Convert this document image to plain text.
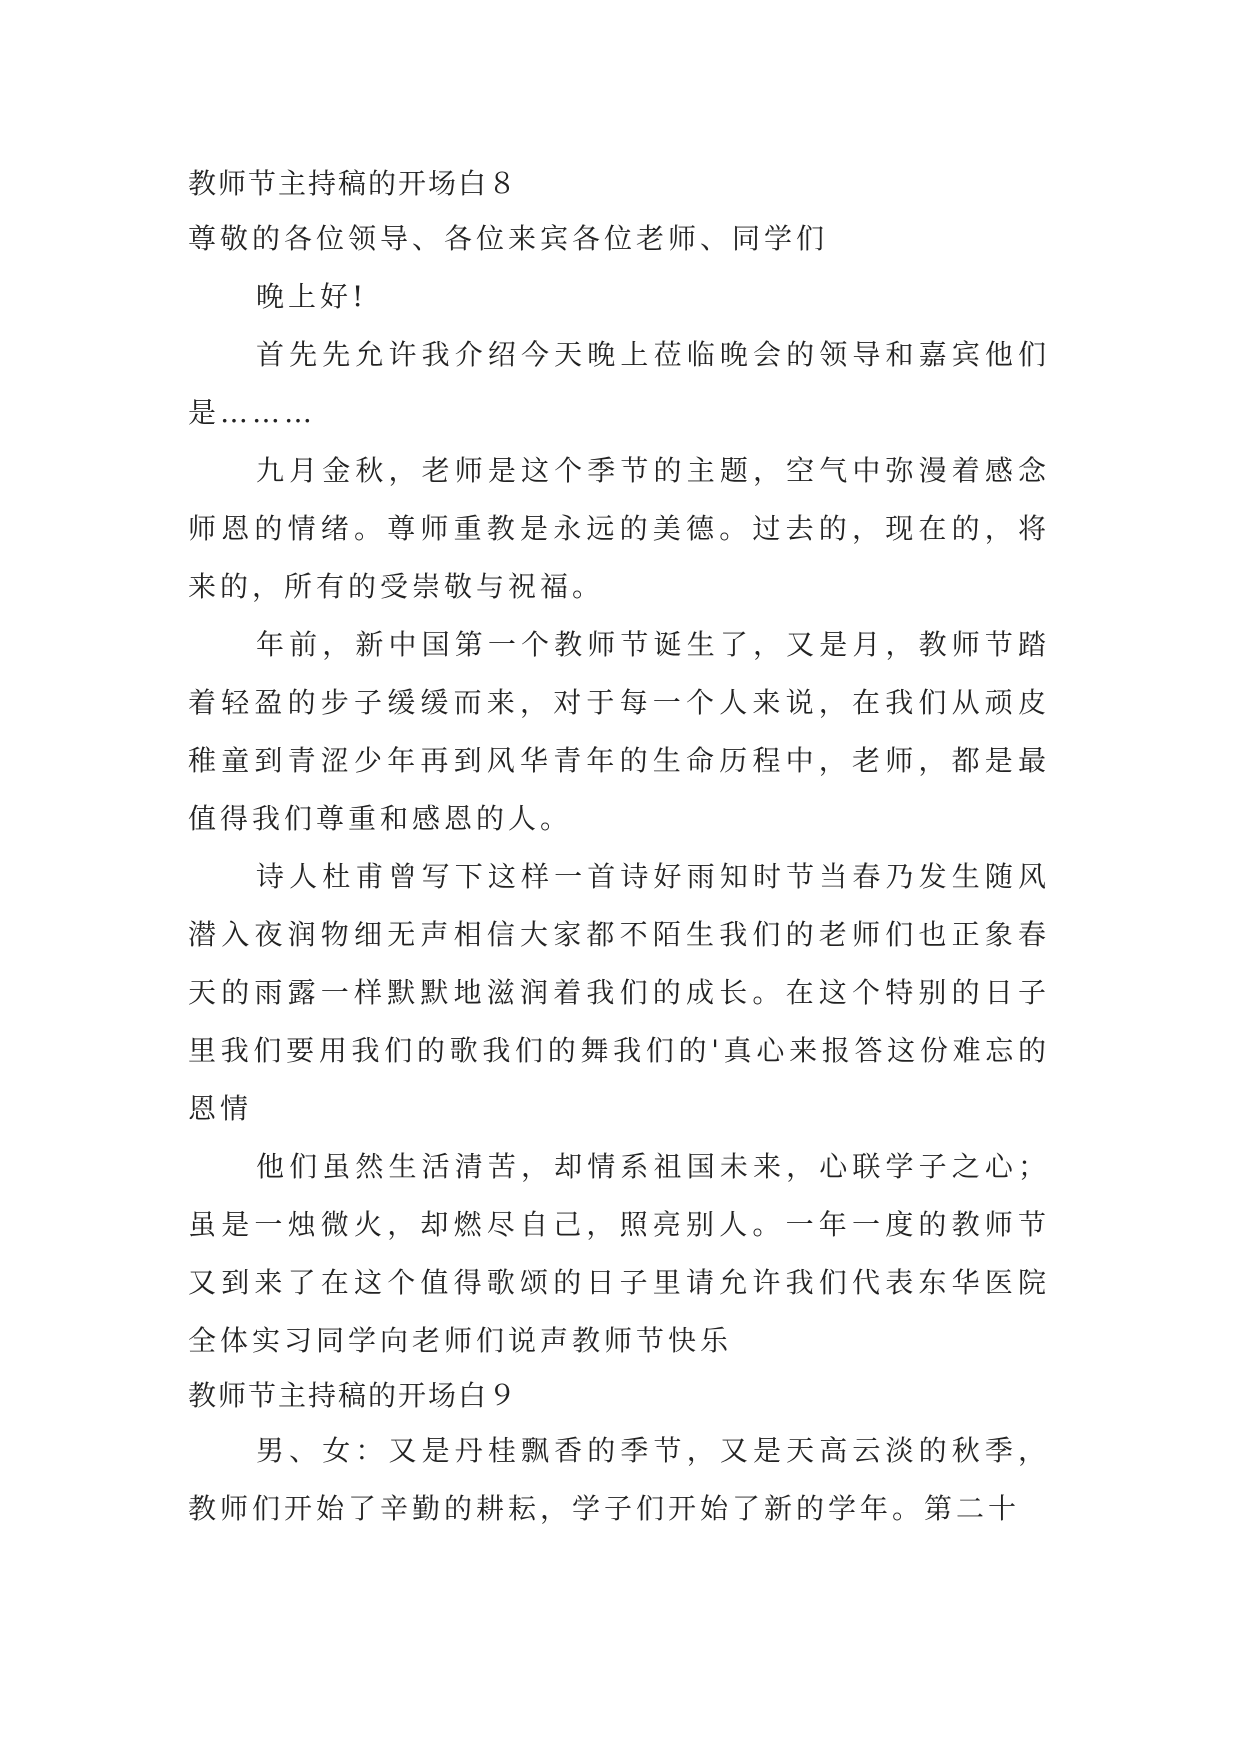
教师节主持稿的开场白８

尊敬的各位领导、各位来宾各位老师、同学们

晚上好!

首先先允许我介绍今天晚上莅临晚会的领导和嘉宾他们是………

九月金秋，老师是这个季节的主题，空气中弥漫着感念师恩的情绪。尊师重教是永远的美德。过去的，现在的，将来的，所有的受崇敬与祝福。

年前，新中国第一个教师节诞生了，又是月，教师节踏着轻盈的步子缓缓而来，对于每一个人来说，在我们从顽皮稚童到青涩少年再到风华青年的生命历程中，老师，都是最值得我们尊重和感恩的人。

诗人杜甫曾写下这样一首诗好雨知时节当春乃发生随风潜入夜润物细无声相信大家都不陌生我们的老师们也正象春天的雨露一样默默地滋润着我们的成长。在这个特别的日子里我们要用我们的歌我们的舞我们的'真心来报答这份难忘的恩情

他们虽然生活清苦，却情系祖国未来，心联学子之心；虽是一烛微火，却燃尽自己，照亮别人。一年一度的教师节又到来了在这个值得歌颂的日子里请允许我们代表东华医院全体实习同学向老师们说声教师节快乐

教师节主持稿的开场白９

男、女：又是丹桂飘香的季节，又是天高云淡的秋季，教师们开始了辛勤的耕耘，学子们开始了新的学年。第二十
